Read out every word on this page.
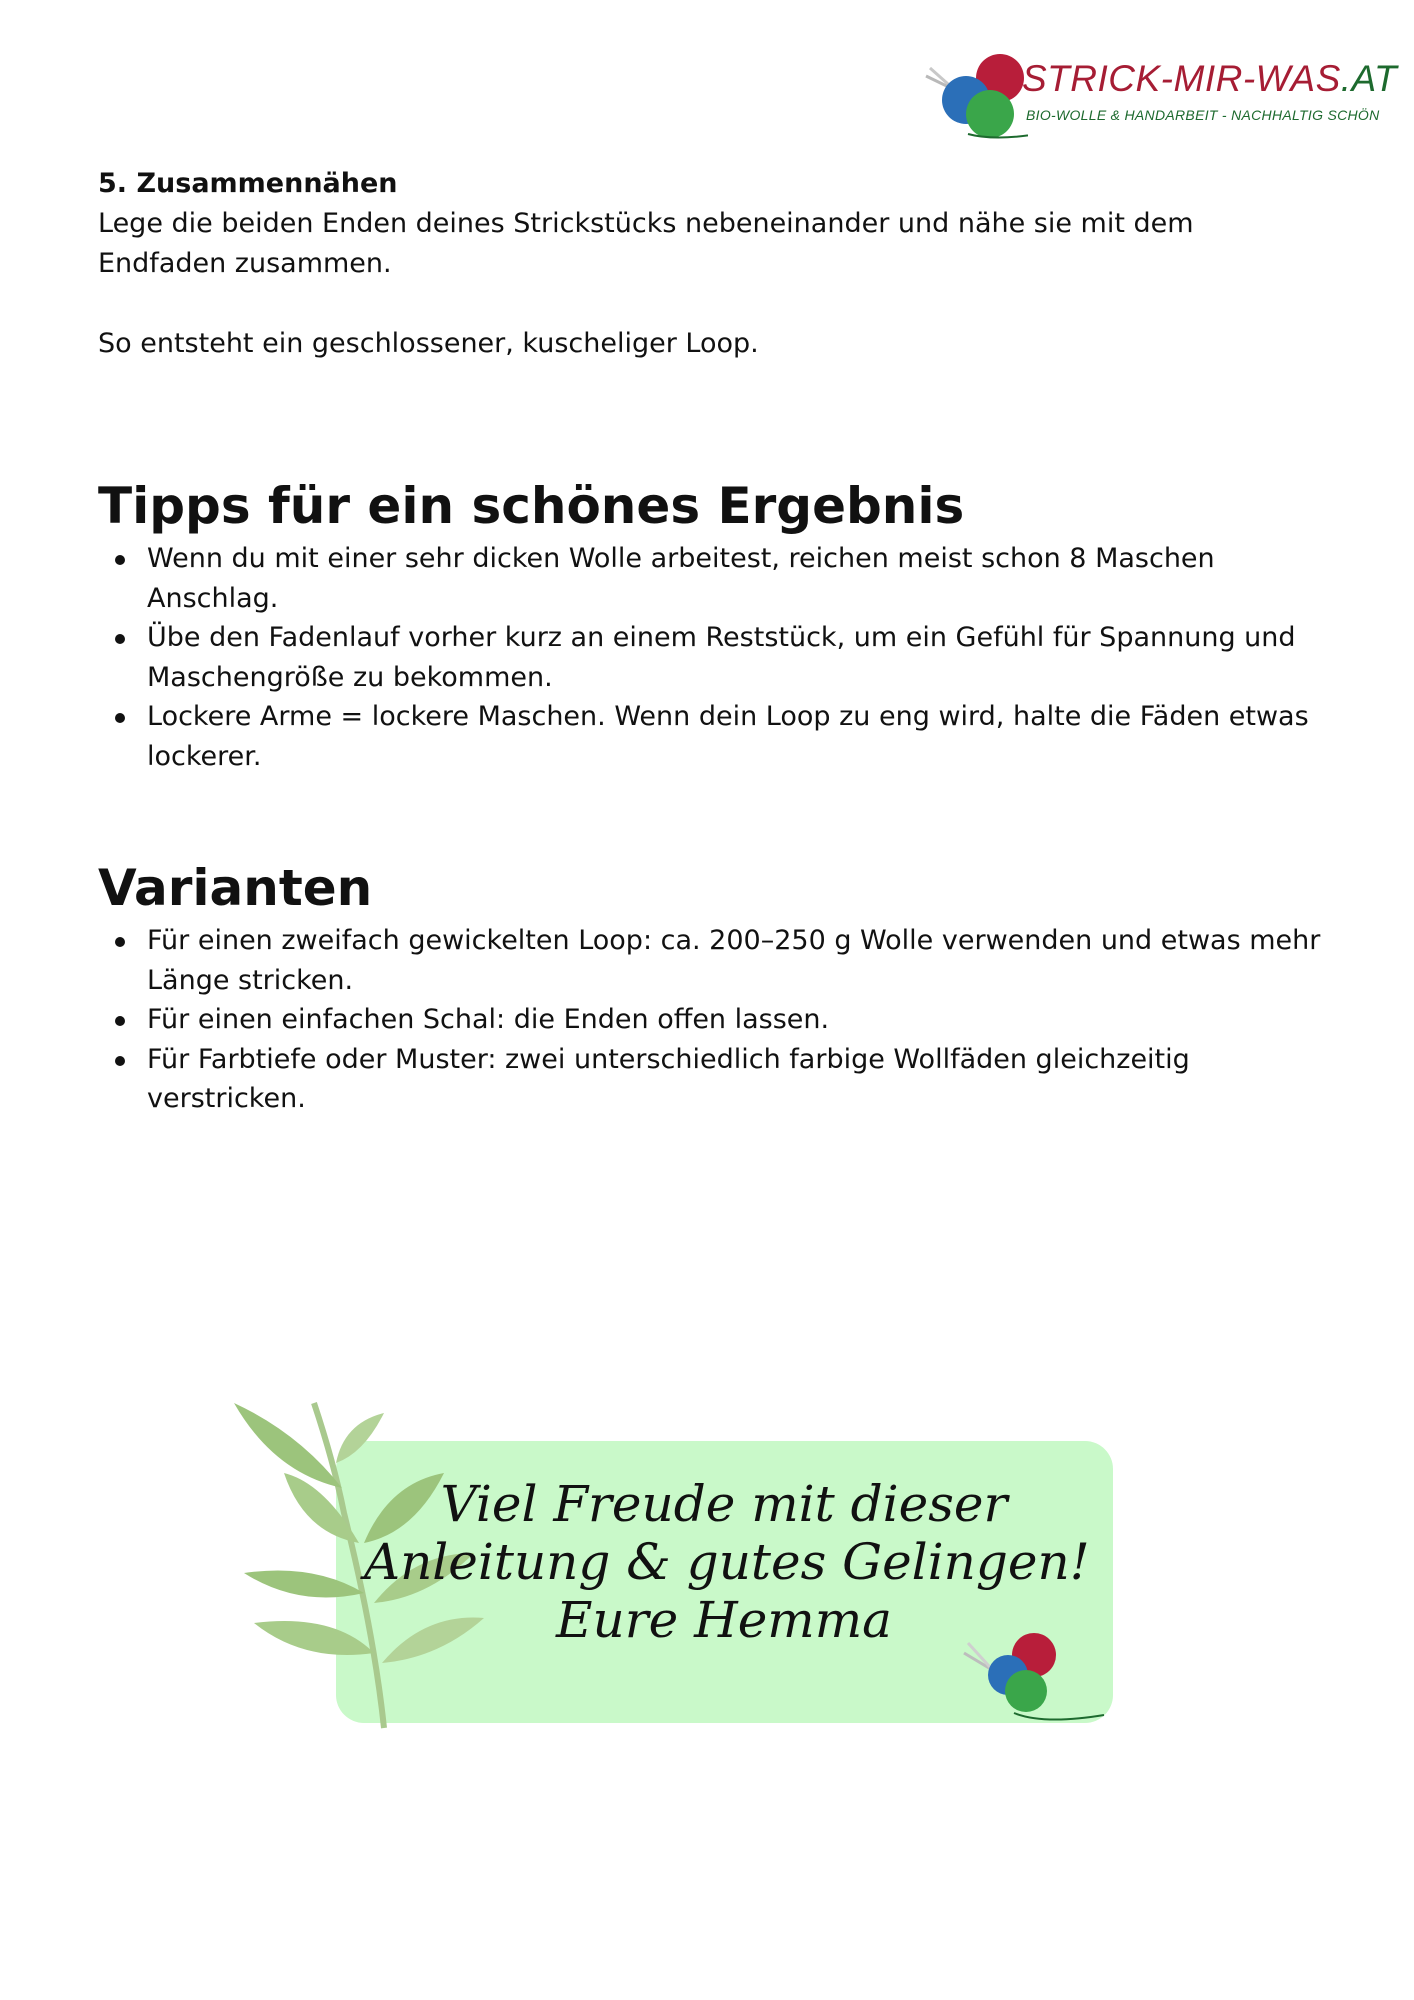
STRICK-MIR-WAS.AT
BIO-WOLLE & HANDARBEIT - NACHHALTIG SCHÖN

5. Zusammennähen

Lege die beiden Enden deines Strickstücks nebeneinander und nähe sie mit dem Endfaden zusammen.

So entsteht ein geschlossener, kuscheliger Loop.

Tipps für ein schönes Ergebnis
Wenn du mit einer sehr dicken Wolle arbeitest, reichen meist schon 8 Maschen Anschlag.
Übe den Fadenlauf vorher kurz an einem Reststück, um ein Gefühl für Spannung und Maschengröße zu bekommen.
Lockere Arme = lockere Maschen. Wenn dein Loop zu eng wird, halte die Fäden etwas lockerer.
Varianten
Für einen zweifach gewickelten Loop: ca. 200–250 g Wolle verwenden und etwas mehr Länge stricken.
Für einen einfachen Schal: die Enden offen lassen.
Für Farbtiefe oder Muster: zwei unterschiedlich farbige Wollfäden gleichzeitig verstricken.
Viel Freude mit dieser
Anleitung & gutes Gelingen!
Eure Hemma
